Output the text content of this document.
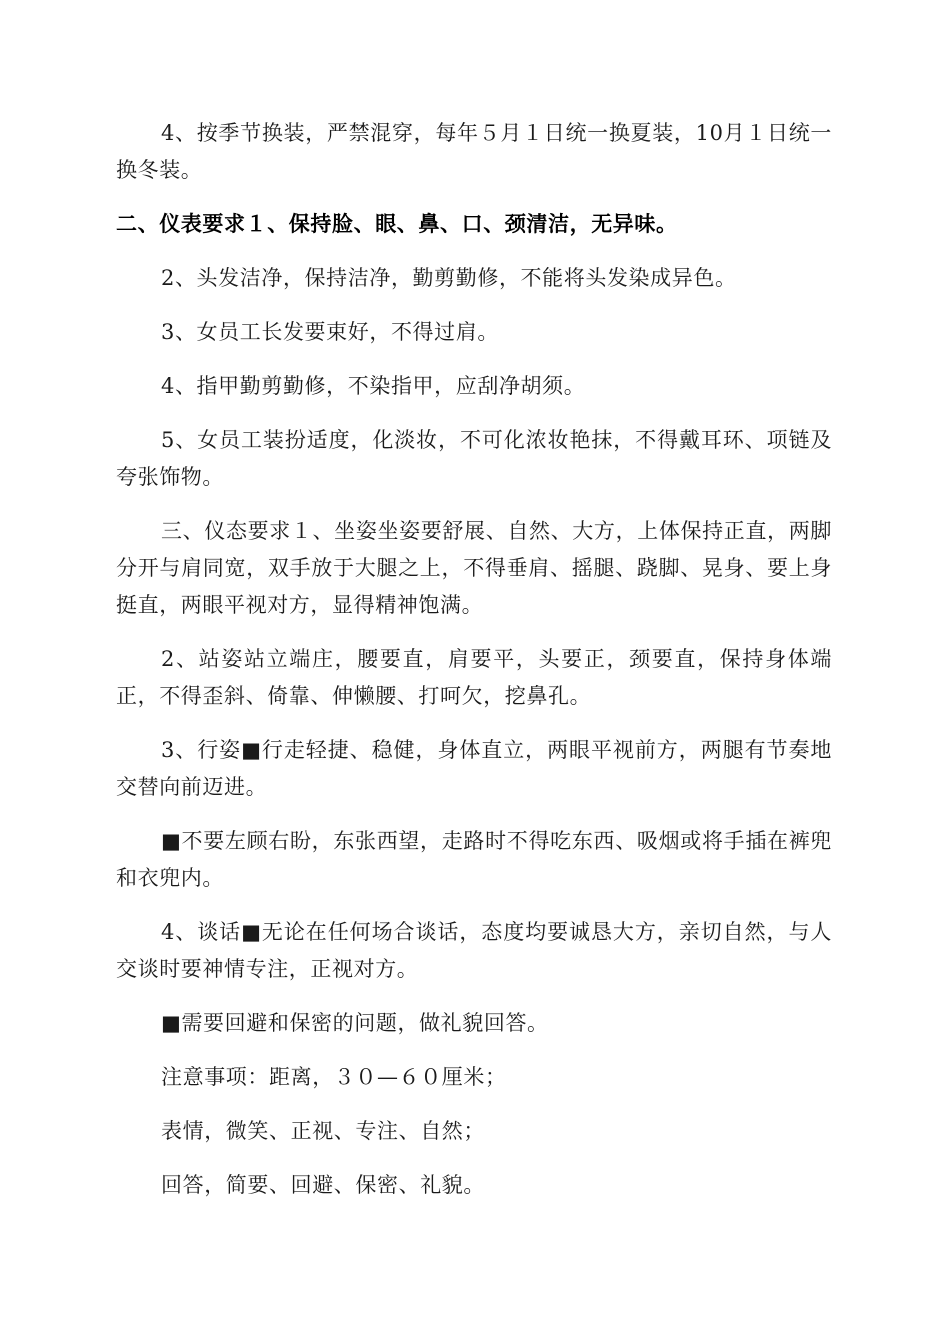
4、按季节换装，严禁混穿，每年５月１日统一换夏装，10月１日统一换冬装。

二、仪表要求１、保持脸、眼、鼻、口、颈清洁，无异味。

2、头发洁净，保持洁净，勤剪勤修，不能将头发染成异色。

3、女员工长发要束好，不得过肩。

4、指甲勤剪勤修，不染指甲，应刮净胡须。

5、女员工装扮适度，化淡妆，不可化浓妆艳抹，不得戴耳环、项链及夸张饰物。

三、仪态要求１、坐姿坐姿要舒展、自然、大方，上体保持正直，两脚分开与肩同宽，双手放于大腿之上，不得垂肩、摇腿、跷脚、晃身、要上身挺直，两眼平视对方，显得精神饱满。

2、站姿站立端庄，腰要直，肩要平，头要正，颈要直，保持身体端正，不得歪斜、倚靠、伸懒腰、打呵欠，挖鼻孔。

3、行姿■行走轻捷、稳健，身体直立，两眼平视前方，两腿有节奏地交替向前迈进。

■不要左顾右盼，东张西望，走路时不得吃东西、吸烟或将手插在裤兜和衣兜内。

4、谈话■无论在任何场合谈话，态度均要诚恳大方，亲切自然，与人交谈时要神情专注，正视对方。

■需要回避和保密的问题，做礼貌回答。

注意事项：距离，３０—６０厘米；

表情，微笑、正视、专注、自然；

回答，简要、回避、保密、礼貌。
